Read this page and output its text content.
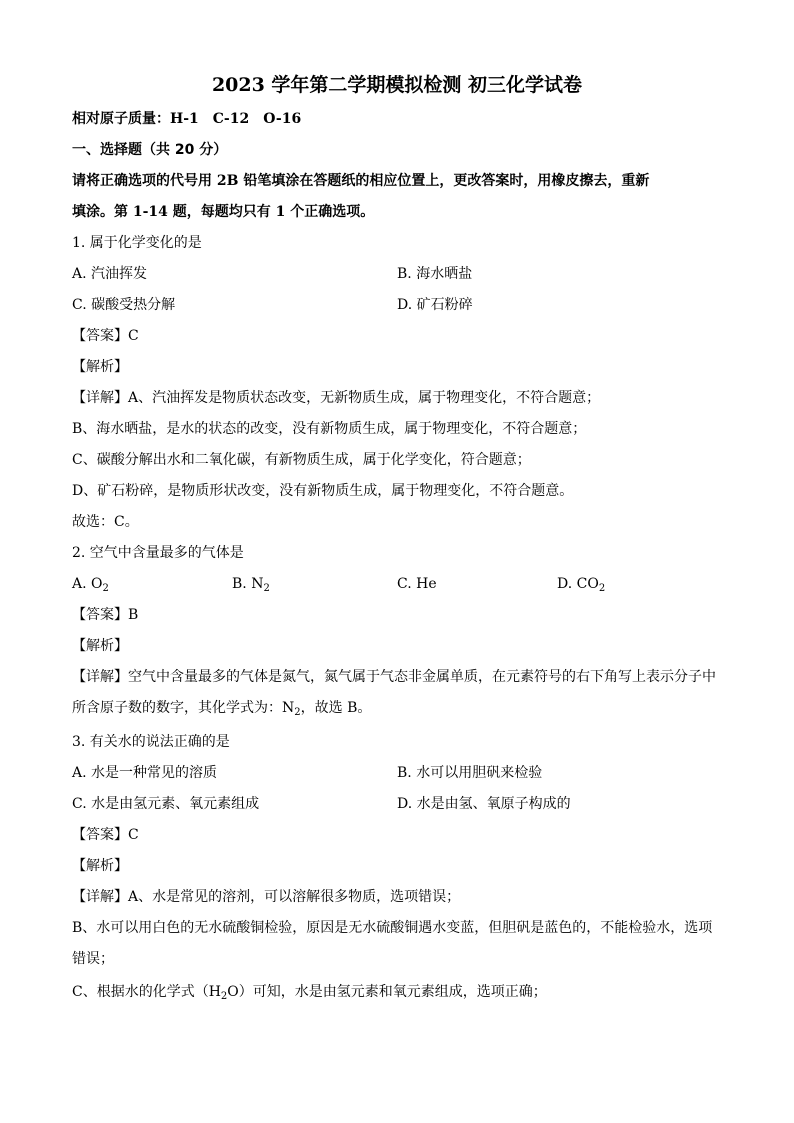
2023 学年第二学期模拟检测 初三化学试卷
相对原子质量：H-1　C-12　O-16
一、选择题（共 20 分）
请将正确选项的代号用 2B 铅笔填涂在答题纸的相应位置上，更改答案时，用橡皮擦去，重新
填涂。第 1-14 题，每题均只有 1 个正确选项。
1. 属于化学变化的是
A. 汽油挥发	B. 海水晒盐
C. 碳酸受热分解	D. 矿石粉碎
【答案】C
【解析】
【详解】A、汽油挥发是物质状态改变，无新物质生成，属于物理变化，不符合题意；
B、海水晒盐，是水的状态的改变，没有新物质生成，属于物理变化，不符合题意；
C、碳酸分解出水和二氧化碳，有新物质生成，属于化学变化，符合题意；
D、矿石粉碎，是物质形状改变，没有新物质生成，属于物理变化，不符合题意。
故选：C。
2. 空气中含量最多的气体是
A. $O_2$	B. $N_2$	C. He	D. $CO_2$
【答案】B
【解析】
【详解】空气中含量最多的气体是氮气，氮气属于气态非金属单质，在元素符号的右下角写上表示分子中
所含原子数的数字，其化学式为：$N_2$，故选 B。
3. 有关水的说法正确的是
A. 水是一种常见的溶质	B. 水可以用胆矾来检验
C. 水是由氢元素、氧元素组成	D. 水是由氢、氧原子构成的
【答案】C
【解析】
【详解】A、水是常见的溶剂，可以溶解很多物质，选项错误；
B、水可以用白色的无水硫酸铜检验，原因是无水硫酸铜遇水变蓝，但胆矾是蓝色的，不能检验水，选项
错误；
C、根据水的化学式$(H_2O)$可知，水是由氢元素和氧元素组成，选项正确；
